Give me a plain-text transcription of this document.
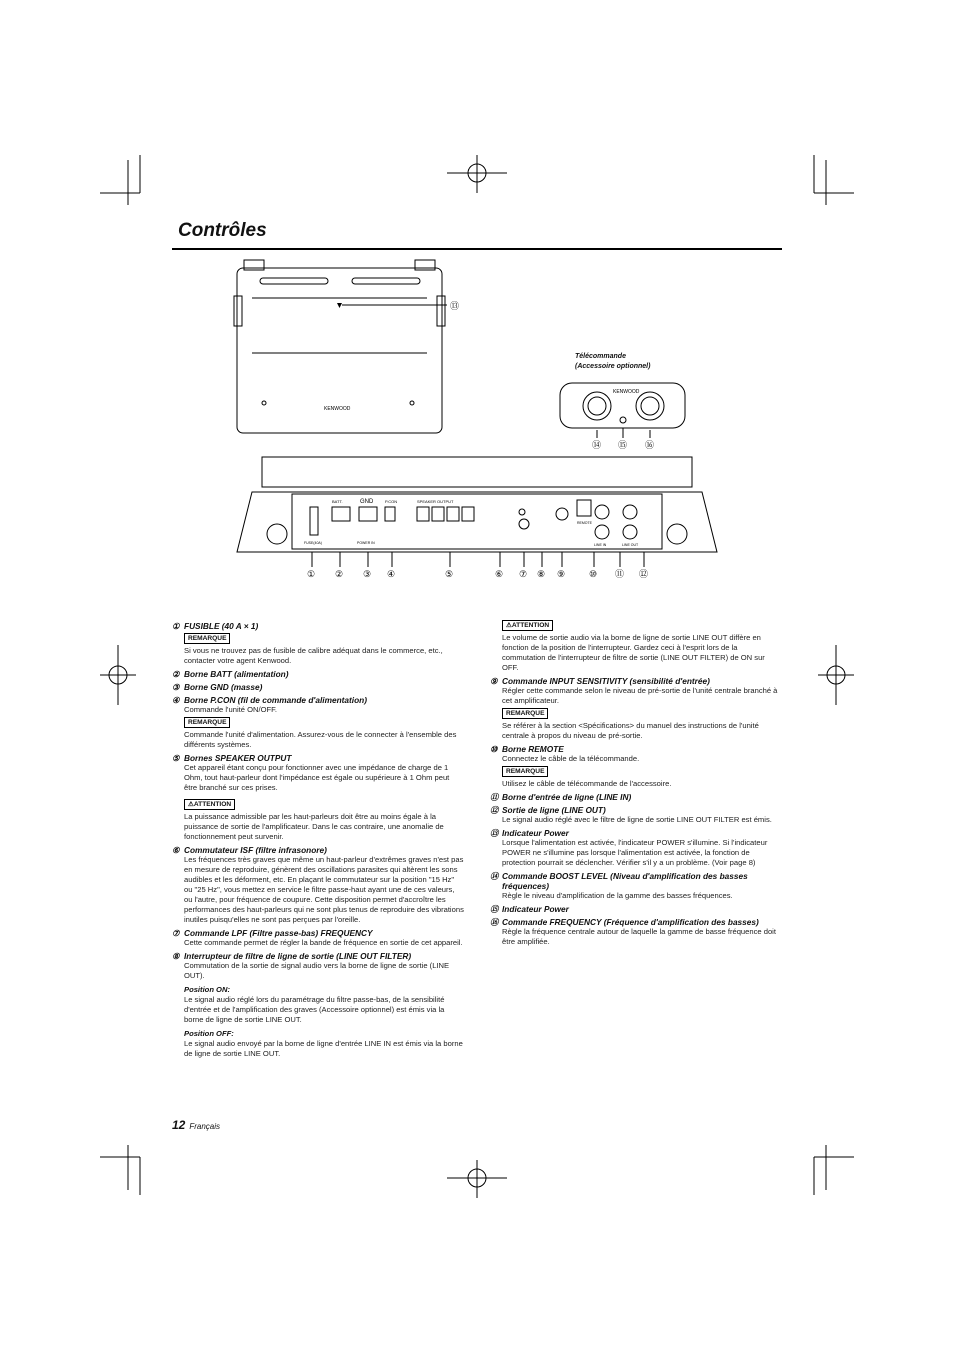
Contrôles
⑬
KENWOOD
Télécommande
(Accessoire optionnel)
KENWOOD
⑭ ⑮ ⑯
BATT.	GND	P.CON	SPEAKER OUTPUT
FUSE(40A)	POWER IN
REMOTE
LINE IN	LINE OUT
① ② ③ ④	⑤	⑥ ⑦ ⑧ ⑨	⑩ ⑪ ⑫
① FUSIBLE (40 A × 1)
REMARQUE
Si vous ne trouvez pas de fusible de calibre adéquat dans le commerce, etc., contacter votre agent Kenwood.
② Borne BATT (alimentation)
③ Borne GND (masse)
④ Borne P.CON (fil de commande d'alimentation)
Commande l'unité ON/OFF.
REMARQUE
Commande l'unité d'alimentation. Assurez-vous de le connecter à l'ensemble des différents systèmes.
⑤ Bornes SPEAKER OUTPUT
Cet appareil étant conçu pour fonctionner avec une impédance de charge de 1 Ohm, tout haut-parleur dont l'impédance est égale ou supérieure à 1 Ohm peut être branché sur ces prises.
⚠ATTENTION
La puissance admissible par les haut-parleurs doit être au moins égale à la puissance de sortie de l'amplificateur. Dans le cas contraire, une anomalie de fonctionnement peut survenir.
⑥ Commutateur ISF (filtre infrasonore)
Les fréquences très graves que même un haut-parleur d'extrêmes graves n'est pas en mesure de reproduire, génèrent des oscillations parasites qui altèrent les sons audibles et les déforment, etc. En plaçant le commutateur sur la position "15 Hz" ou "25 Hz", vous mettez en service le filtre passe-haut ayant une de ces valeurs, ou l'autre, pour fréquence de coupure. Cette disposition permet d'accroître les performances des haut-parleurs qui ne sont plus tenus de reproduire des vibrations inutiles puisqu'elles ne sont pas perçues par l'oreille.
⑦ Commande LPF (Filtre passe-bas) FREQUENCY
Cette commande permet de régler la bande de fréquence en sortie de cet appareil.
⑧ Interrupteur de filtre de ligne de sortie (LINE OUT FILTER)
Commutation de la sortie de signal audio vers la borne de ligne de sortie (LINE OUT).
Position ON:
Le signal audio réglé lors du paramétrage du filtre passe-bas, de la sensibilité d'entrée et de l'amplification des graves (Accessoire optionnel) est émis via la borne de ligne de sortie LINE OUT.
Position OFF:
Le signal audio envoyé par la borne de ligne d'entrée LINE IN est émis via la borne de ligne de sortie LINE OUT.
⚠ATTENTION
Le volume de sortie audio via la borne de ligne de sortie LINE OUT diffère en fonction de la position de l'interrupteur. Gardez ceci à l'esprit lors de la commutation de l'interrupteur de filtre de sortie (LINE OUT FILTER) de ON sur OFF.
⑨ Commande INPUT SENSITIVITY (sensibilité d'entrée)
Régler cette commande selon le niveau de pré-sortie de l'unité centrale branché à cet amplificateur.
REMARQUE
Se référer à la section <Spécifications> du manuel des instructions de l'unité centrale à propos du niveau de pré-sortie.
⑩ Borne REMOTE
Connectez le câble de la télécommande.
REMARQUE
Utilisez le câble de télécommande de l'accessoire.
⑪ Borne d'entrée de ligne (LINE IN)
⑫ Sortie de ligne (LINE OUT)
Le signal audio réglé avec le filtre de ligne de sortie LINE OUT FILTER est émis.
⑬ Indicateur Power
Lorsque l'alimentation est activée, l'indicateur POWER s'illumine. Si l'indicateur POWER ne s'illumine pas lorsque l'alimentation est activée, la fonction de protection pourrait se déclencher. Vérifier s'il y a un problème. (Voir page 8)
⑭ Commande BOOST LEVEL (Niveau d'amplification des basses fréquences)
Règle le niveau d'amplification de la gamme des basses fréquences.
⑮ Indicateur Power
⑯ Commande FREQUENCY (Fréquence d'amplification des basses)
Règle la fréquence centrale autour de laquelle la gamme de basse fréquence doit être amplifiée.
12 Français
